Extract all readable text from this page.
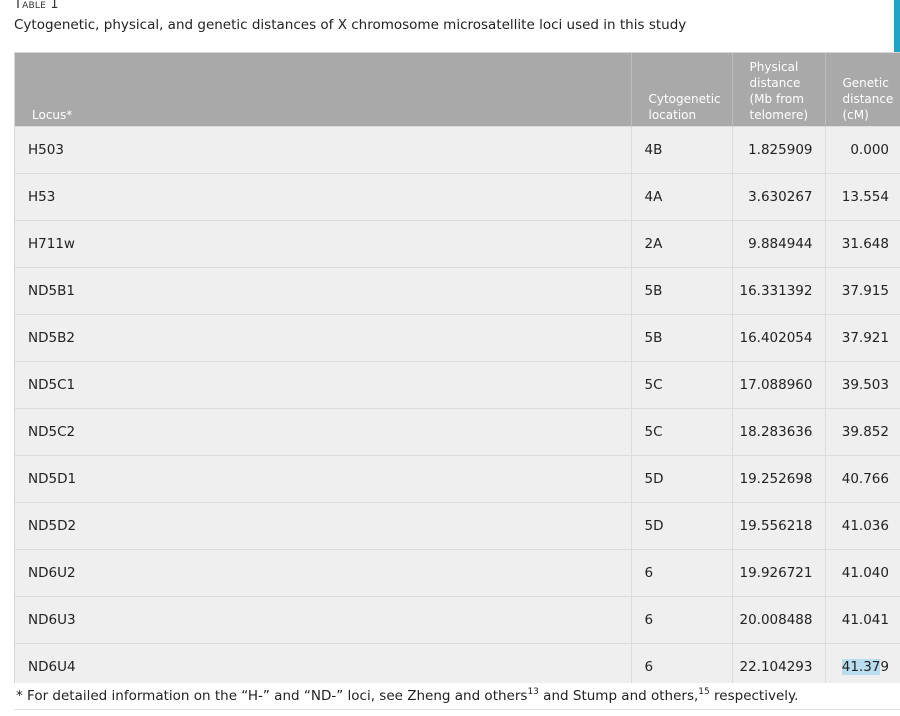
Table 1
Cytogenetic, physical, and genetic distances of X chromosome microsatellite loci used in this study
Locus*	Cytogenetic location	Physical distance (Mb from telomere)	Genetic distance (cM)
H503	4B	1.825909	0.000
H53	4A	3.630267	13.554
H711w	2A	9.884944	31.648
ND5B1	5B	16.331392	37.915
ND5B2	5B	16.402054	37.921
ND5C1	5C	17.088960	39.503
ND5C2	5C	18.283636	39.852
ND5D1	5D	19.252698	40.766
ND5D2	5D	19.556218	41.036
ND6U2	6	19.926721	41.040
ND6U3	6	20.008488	41.041
ND6U4	6	22.104293	41.379
* For detailed information on the “H-” and “ND-” loci, see Zheng and others$^{13}$ and Stump and others,$^{15}$ respectively.
